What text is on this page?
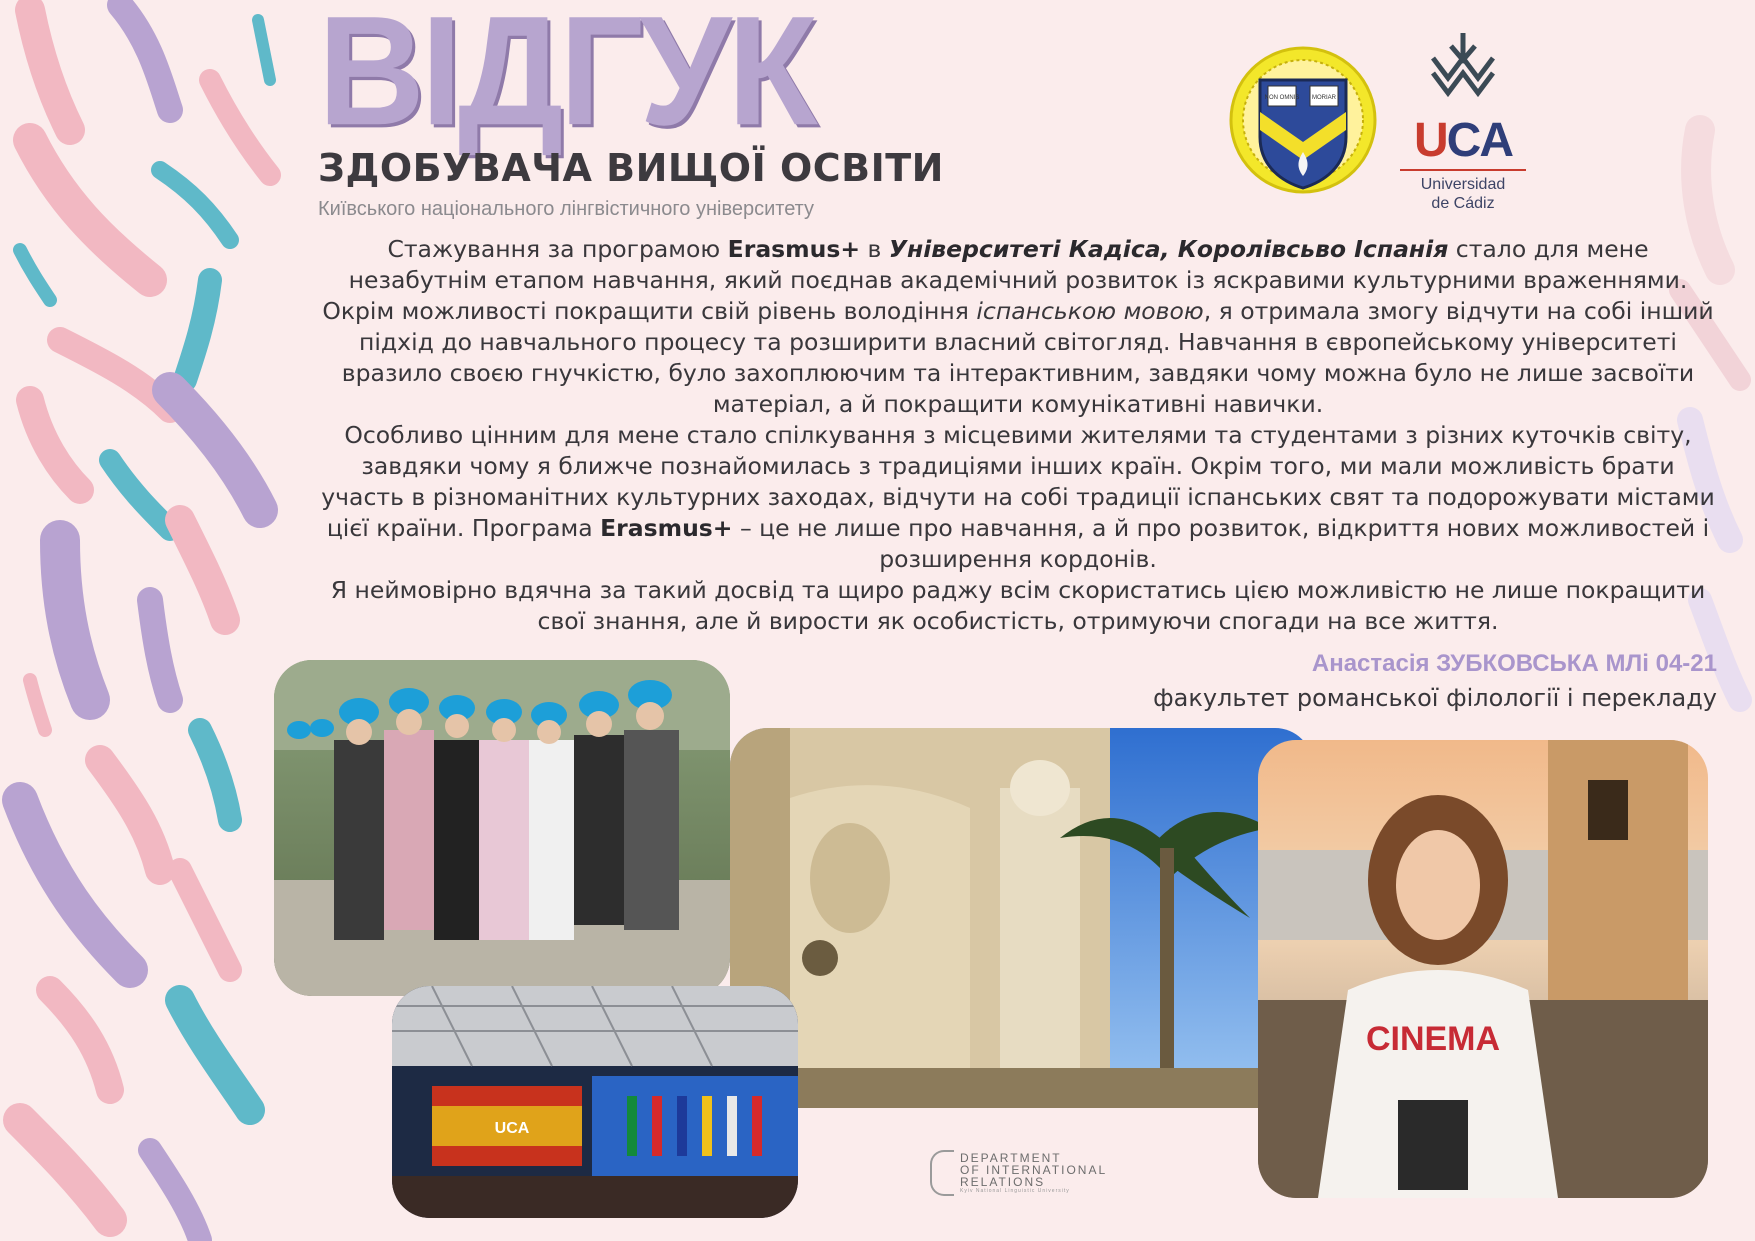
ВІДГУК
ЗДОБУВАЧА ВИЩОЇ ОСВІТИ
Київського національного лінгвістичного університету
NON OMNIS MORIAR
UCA
Universidad
de Cádiz
Стажування за програмою Erasmus+ в Університеті Кадіса, Королівсьво Іспанія стало для мене незабутнім етапом навчання, який поєднав академічний розвиток із яскравими культурними враженнями. Окрім можливості покращити свій рівень володіння іспанською мовою, я отримала змогу відчути на собі інший підхід до навчального процесу та розширити власний світогляд. Навчання в європейському університеті вразило своєю гнучкістю, було захоплюючим та інтерактивним, завдяки чому можна було не лише засвоїти матеріал, а й покращити комунікативні навички.
Особливо цінним для мене стало спілкування з місцевими жителями та студентами з різних куточків світу, завдяки чому я ближче познайомилась з традиціями інших країн. Окрім того, ми мали можливість брати участь в різноманітних культурних заходах, відчути на собі традиції іспанських свят та подорожувати містами цієї країни. Програма Erasmus+ – це не лише про навчання, а й про розвиток, відкриття нових можливостей і розширення кордонів.
Я неймовірно вдячна за такий досвід та щиро раджу всім скористатись цією можливістю не лише покращити свої знання, але й вирости як особистість, отримуючи спогади на все життя.
Анастасія ЗУБКОВСЬКА МЛі 04-21
факультет романської філології і перекладу
CINEMA
UCA
DEPARTMENT
OF INTERNATIONAL
RELATIONS
Kyiv National Linguistic University
